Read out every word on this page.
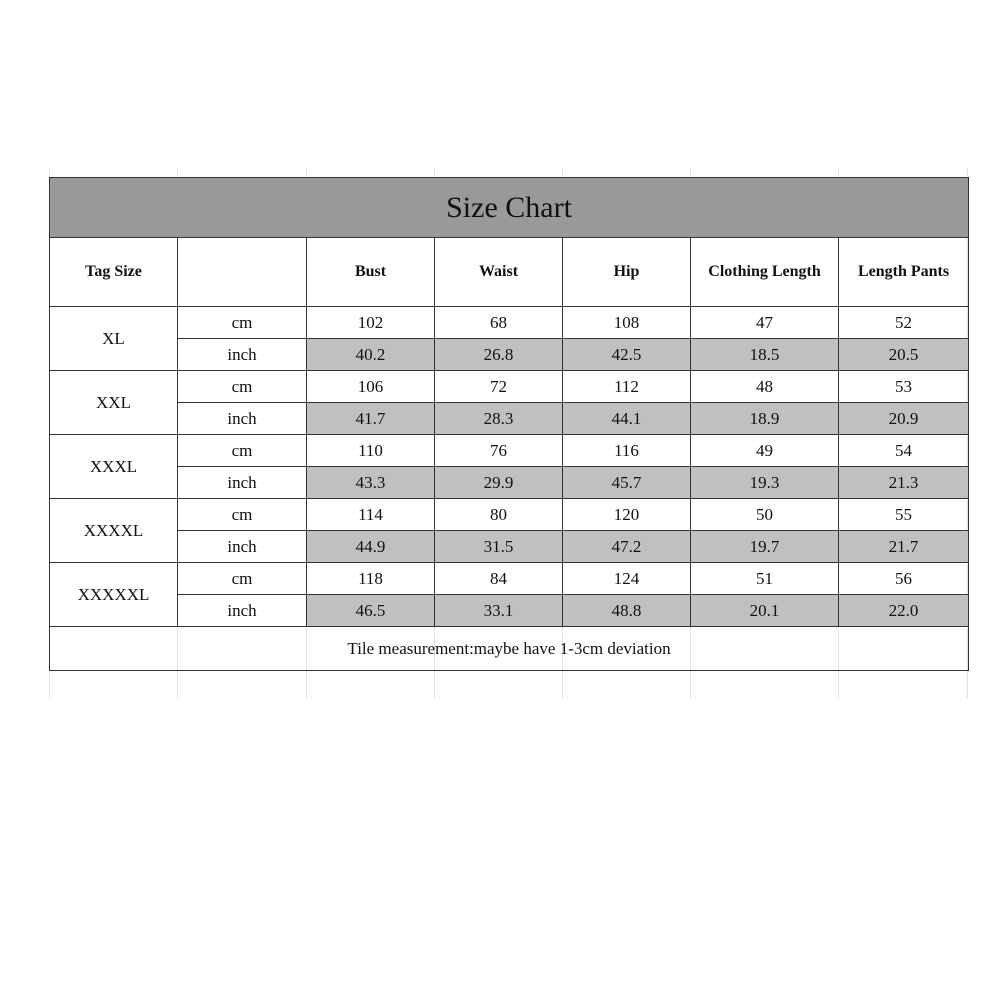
Size Chart						
Tag Size		Bust	Waist	Hip	Clothing Length	Length Pants
XL	cm	102	68	108	47	52
	inch	40.2	26.8	42.5	18.5	20.5
XXL	cm	106	72	112	48	53
	inch	41.7	28.3	44.1	18.9	20.9
XXXL	cm	110	76	116	49	54
	inch	43.3	29.9	45.7	19.3	21.3
XXXXL	cm	114	80	120	50	55
	inch	44.9	31.5	47.2	19.7	21.7
XXXXXL	cm	118	84	124	51	56
	inch	46.5	33.1	48.8	20.1	22.0
Tile measurement:maybe have 1-3cm deviation						
